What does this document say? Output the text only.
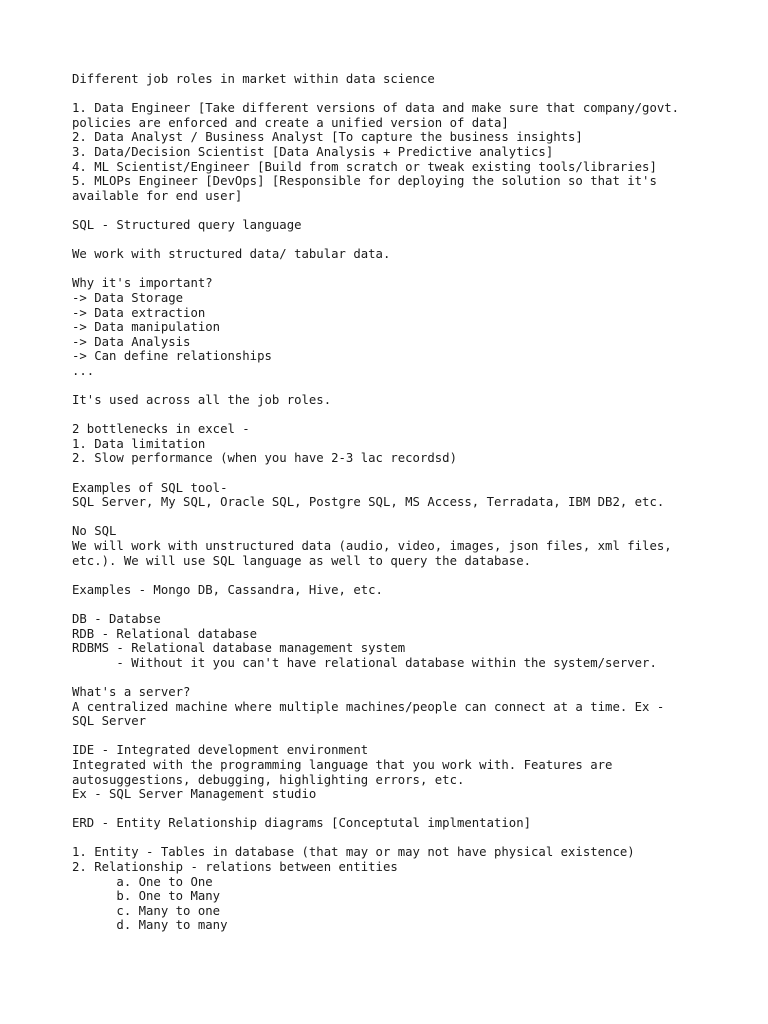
Different job roles in market within data science
1. Data Engineer [Take different versions of data and make sure that company/govt.
policies are enforced and create a unified version of data]
2. Data Analyst / Business Analyst [To capture the business insights]
3. Data/Decision Scientist [Data Analysis + Predictive analytics]
4. ML Scientist/Engineer [Build from scratch or tweak existing tools/libraries]
5. MLOPs Engineer [DevOps] [Responsible for deploying the solution so that it's
available for end user]
SQL - Structured query language
We work with structured data/ tabular data.
Why it's important?
-> Data Storage
-> Data extraction
-> Data manipulation
-> Data Analysis
-> Can define relationships
...
It's used across all the job roles.
2 bottlenecks in excel -
1. Data limitation
2. Slow performance (when you have 2-3 lac recordsd)
Examples of SQL tool-
SQL Server, My SQL, Oracle SQL, Postgre SQL, MS Access, Terradata, IBM DB2, etc.
No SQL
We will work with unstructured data (audio, video, images, json files, xml files,
etc.). We will use SQL language as well to query the database.
Examples - Mongo DB, Cassandra, Hive, etc.
DB - Databse
RDB - Relational database
RDBMS - Relational database management system
- Without it you can't have relational database within the system/server.
What's a server?
A centralized machine where multiple machines/people can connect at a time. Ex -
SQL Server
IDE - Integrated development environment
Integrated with the programming language that you work with. Features are
autosuggestions, debugging, highlighting errors, etc.
Ex - SQL Server Management studio
ERD - Entity Relationship diagrams [Conceptutal implmentation]
1. Entity - Tables in database (that may or may not have physical existence)
2. Relationship - relations between entities
a. One to One
b. One to Many
c. Many to one
d. Many to many
